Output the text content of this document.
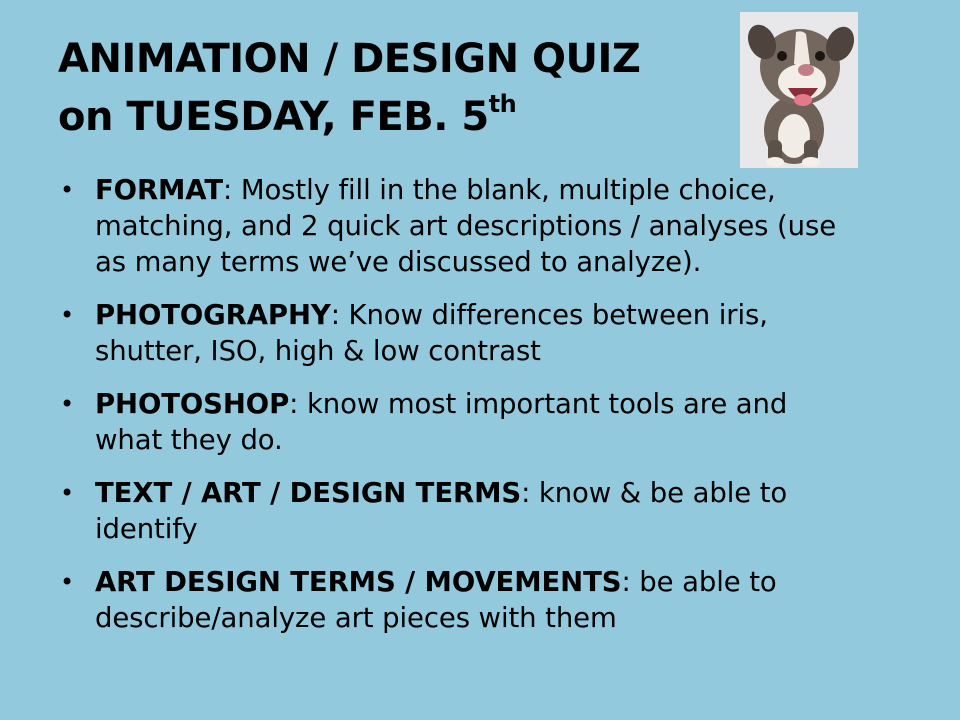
ANIMATION / DESIGN QUIZ
on TUESDAY, FEB. 5th
• FORMAT: Mostly fill in the blank, multiple choice, matching, and 2 quick art descriptions / analyses (use as many terms we’ve discussed to analyze).
• PHOTOGRAPHY: Know differences between iris, shutter, ISO, high & low contrast
• PHOTOSHOP: know most important tools are and what they do.
• TEXT / ART / DESIGN TERMS: know & be able to identify
• ART DESIGN TERMS / MOVEMENTS: be able to describe/analyze art pieces with them
